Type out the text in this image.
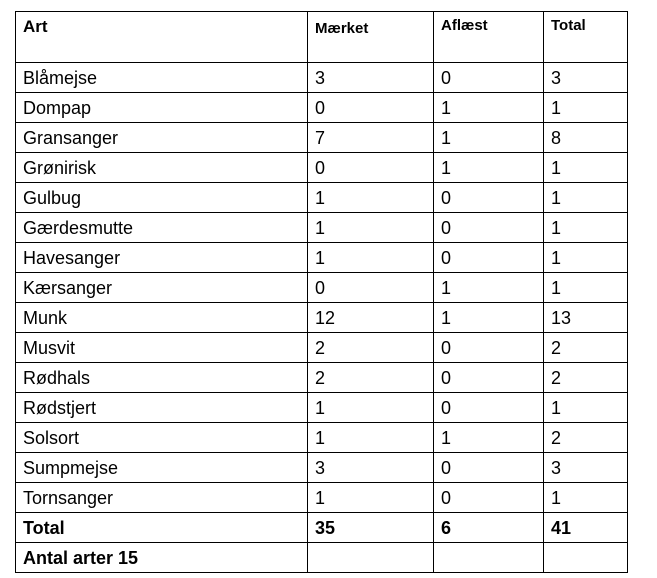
Art	Mærket	Aflæst	Total
Blåmejse	3	0	3
Dompap	0	1	1
Gransanger	7	1	8
Grønirisk	0	1	1
Gulbug	1	0	1
Gærdesmutte	1	0	1
Havesanger	1	0	1
Kærsanger	0	1	1
Munk	12	1	13
Musvit	2	0	2
Rødhals	2	0	2
Rødstjert	1	0	1
Solsort	1	1	2
Sumpmejse	3	0	3
Tornsanger	1	0	1
Total	35	6	41
Antal arter 15			
